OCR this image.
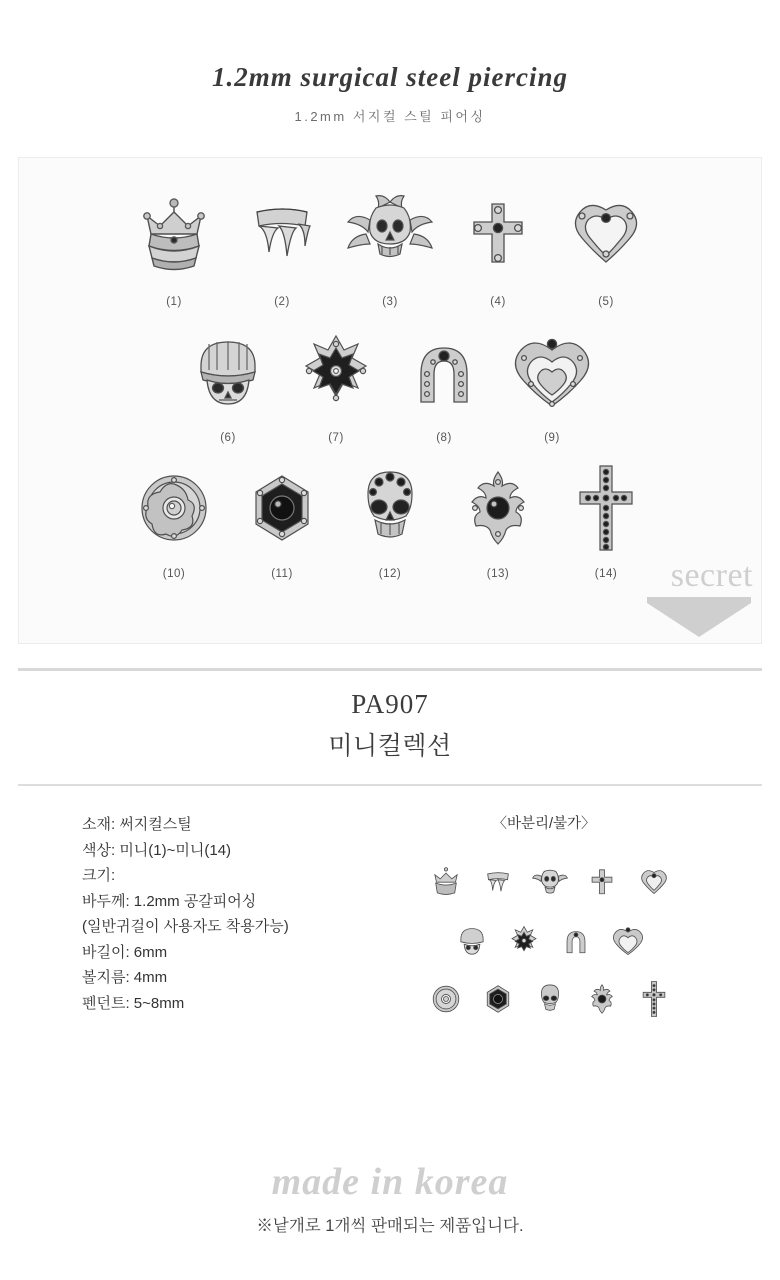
1.2mm surgical steel piercing
1.2mm 서지컬 스틸 피어싱
(1)	(2)	(3)	(4)	(5)
(6)	(7)	(8)	(9)
(10)	(11)	(12)	(13)	(14)	secret
PA907
미니컬렉션
소재: 써지컬스틸
색상: 미니(1)~미니(14)
크기:
바두께: 1.2mm 공갈피어싱
(일반귀걸이 사용자도 착용가능)
바길이: 6mm
볼지름: 4mm
펜던트: 5~8mm
〈바분리/불가〉
made in korea
※낱개로 1개씩 판매되는 제품입니다.
